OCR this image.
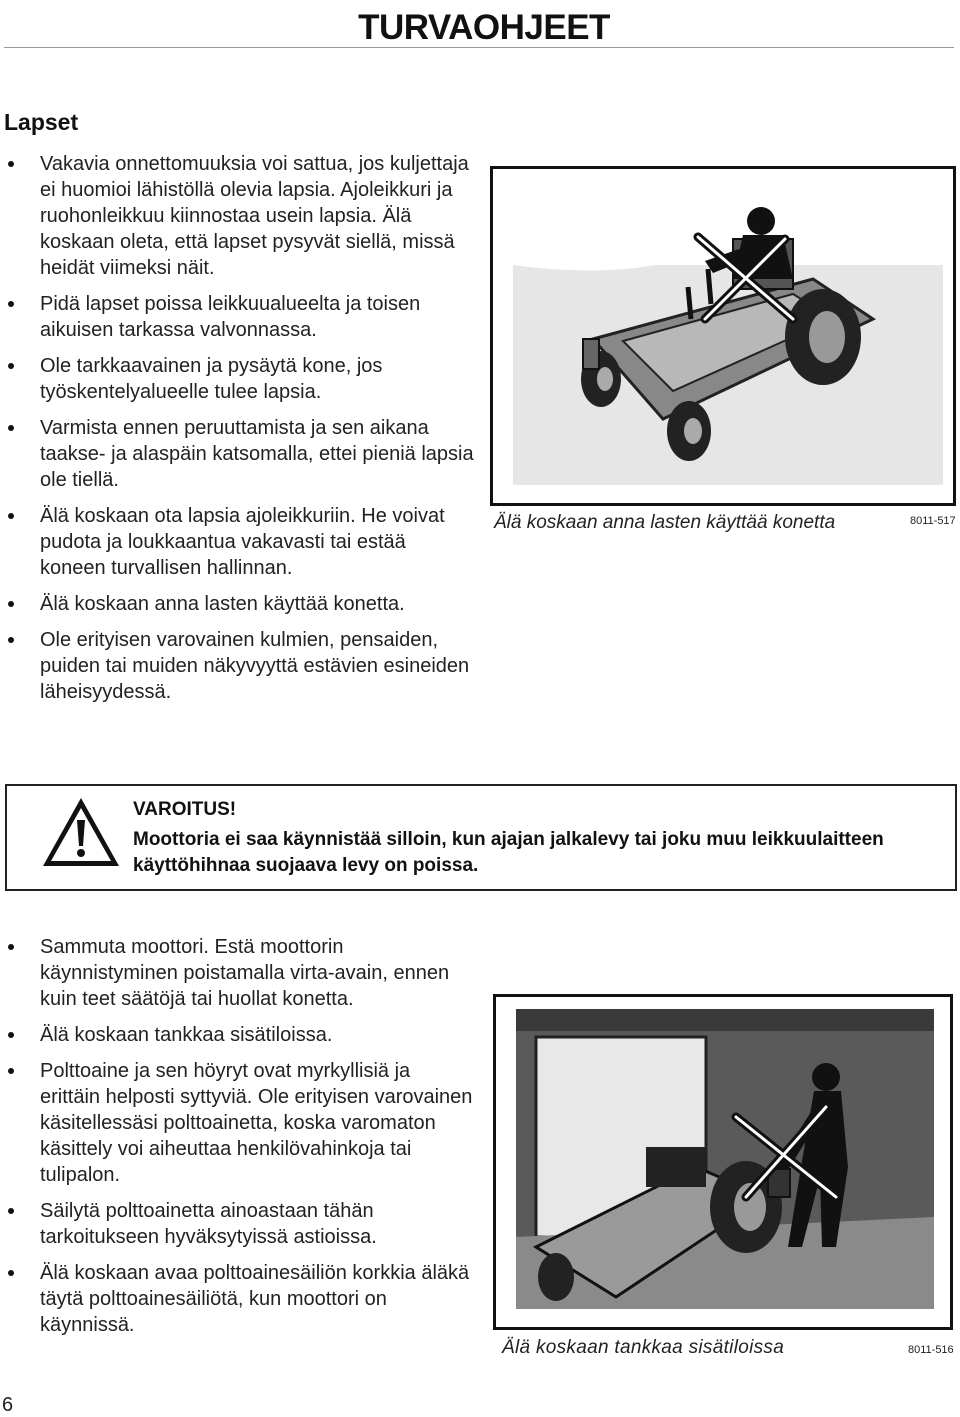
TURVAOHJEET
Lapset
Vakavia onnettomuuksia voi sattua, jos kuljettaja ei huomioi lähistöllä olevia lapsia. Ajoleikkuri ja ruohonleikkuu kiinnostaa usein lapsia. Älä koskaan oleta, että lapset pysyvät siellä, missä heidät viimeksi näit.
Pidä lapset poissa leikkuualueelta ja toisen aikuisen tarkassa valvonnassa.
Ole tarkkaavainen ja pysäytä kone, jos työskentelyalueelle tulee lapsia.
Varmista ennen peruuttamista ja sen aikana taakse- ja alaspäin katsomalla, ettei pieniä lapsia ole tiellä.
Älä koskaan ota lapsia ajoleikkuriin. He voivat pudota ja loukkaantua vakavasti tai estää koneen turvallisen hallinnan.
Älä koskaan anna lasten käyttää konetta.
Ole erityisen varovainen kulmien, pensaiden, puiden tai muiden näkyvyyttä estävien esineiden läheisyydessä.
Älä koskaan anna lasten käyttää konetta	8011-517
VAROITUS!
Moottoria ei saa käynnistää silloin, kun ajajan jalkalevy tai joku muu leikkuulaitteen käyttöhihnaa suojaava levy on poissa.
Sammuta moottori. Estä moottorin käynnistyminen poistamalla virta-avain, ennen kuin teet säätöjä tai huollat konetta.
Älä koskaan tankkaa sisätiloissa.
Polttoaine ja sen höyryt ovat myrkyllisiä ja erittäin helposti syttyviä. Ole erityisen varovainen käsitellessäsi polttoainetta, koska varomaton käsittely voi aiheuttaa henkilövahinkoja tai tulipalon.
Säilytä polttoainetta ainoastaan tähän tarkoitukseen hyväksytyissä astioissa.
Älä koskaan avaa polttoainesäiliön korkkia äläkä täytä polttoainesäiliötä, kun moottori on käynnissä.
Älä koskaan tankkaa sisätiloissa	8011-516
6
